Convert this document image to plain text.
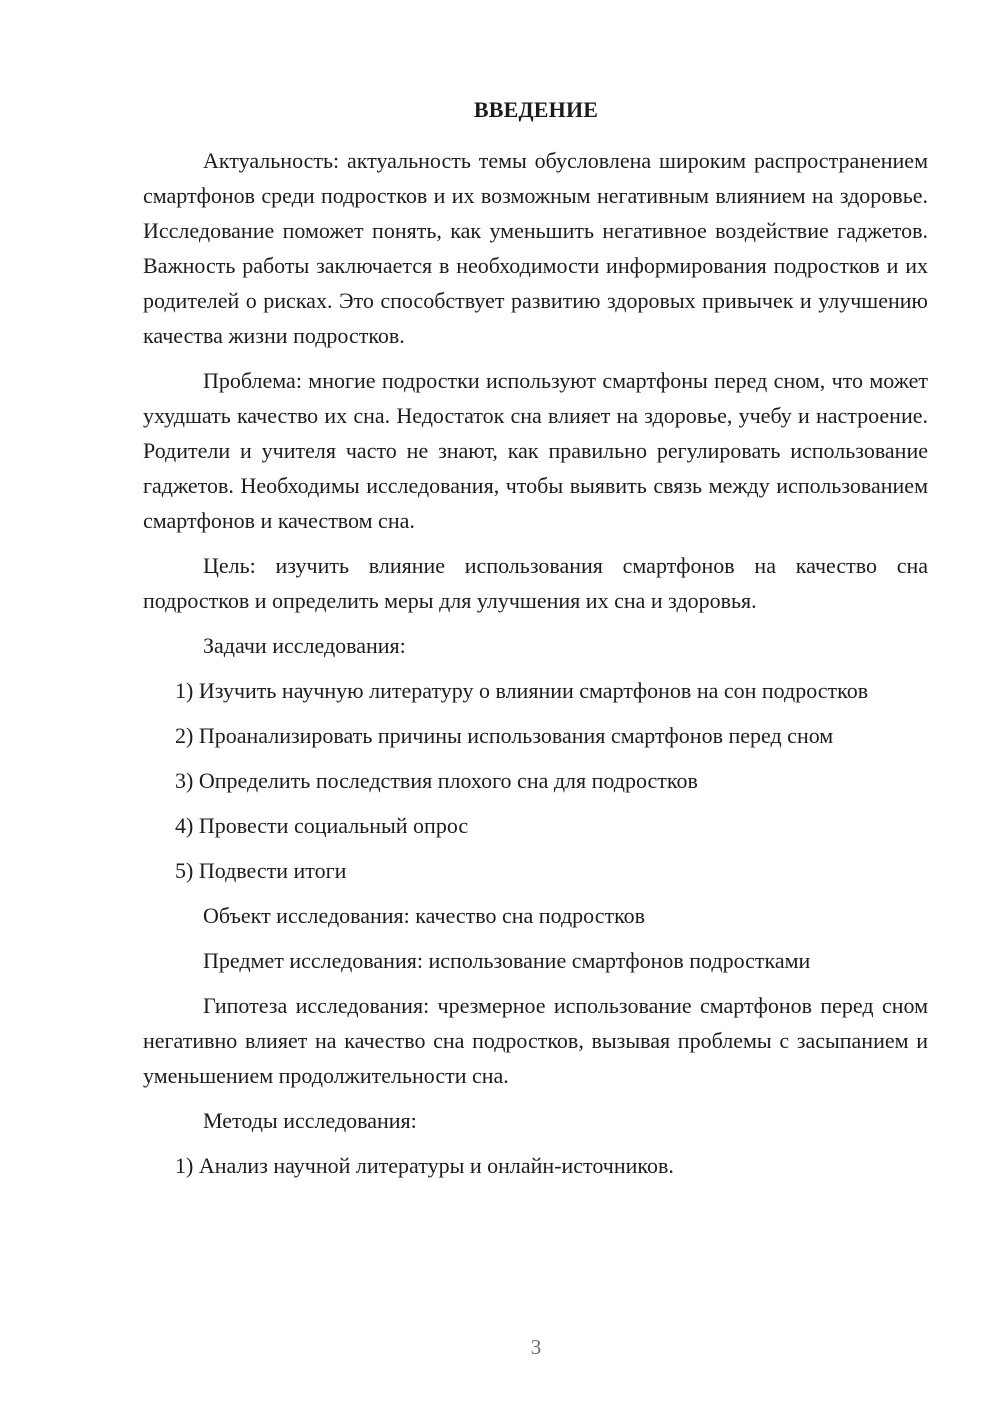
ВВЕДЕНИЕ

Актуальность: актуальность темы обусловлена широким распространением смартфонов среди подростков и их возможным негативным влиянием на здоровье. Исследование поможет понять, как уменьшить негативное воздействие гаджетов. Важность работы заключается в необходимости информирования подростков и их родителей о рисках. Это способствует развитию здоровых привычек и улучшению качества жизни подростков.

Проблема: многие подростки используют смартфоны перед сном, что может ухудшать качество их сна. Недостаток сна влияет на здоровье, учебу и настроение. Родители и учителя часто не знают, как правильно регулировать использование гаджетов. Необходимы исследования, чтобы выявить связь между использованием смартфонов и качеством сна.

Цель: изучить влияние использования смартфонов на качество сна подростков и определить меры для улучшения их сна и здоровья.

Задачи исследования:

1) Изучить научную литературу о влиянии смартфонов на сон подростков

2) Проанализировать причины использования смартфонов перед сном

3) Определить последствия плохого сна для подростков

4) Провести социальный опрос

5) Подвести итоги

Объект исследования: качество сна подростков

Предмет исследования: использование смартфонов подростками

Гипотеза исследования: чрезмерное использование смартфонов перед сном негативно влияет на качество сна подростков, вызывая проблемы с засыпанием и уменьшением продолжительности сна.

Методы исследования:

1) Анализ научной литературы и онлайн-источников.

3
